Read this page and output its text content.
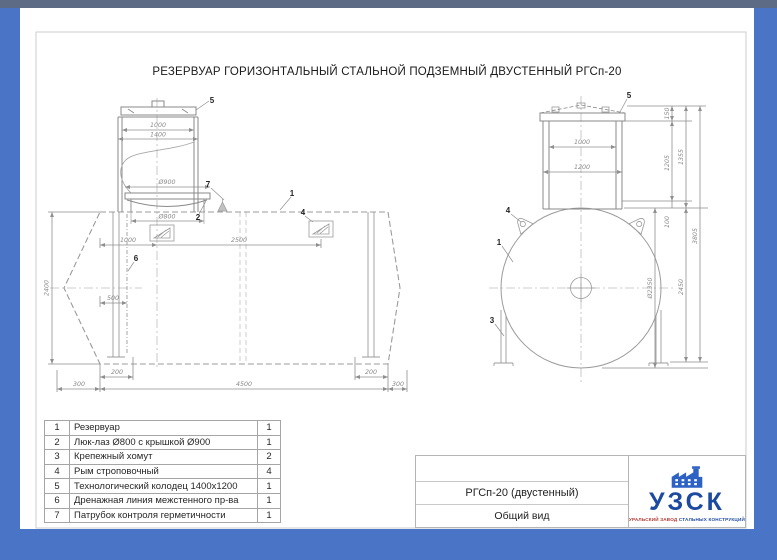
РЕЗЕРВУАР ГОРИЗОНТАЛЬНЫЙ СТАЛЬНОЙ ПОДЗЕМНЫЙ ДВУСТЕННЫЙ РГСп-20
1000
1400
Ø900
Ø800
1000	2500
500
2400
200	200
300	4500	300
5
7
2
1
4
6
1000
1200
150
1205
100
1355
Ø2350	2450
3805
5
4
1
3
1	Резервуар	1
2	Люк-лаз Ø800 с крышкой Ø900	1
3	Крепежный хомут	2
4	Рым строповочный	4
5	Технологический колодец 1400x1200	1
6	Дренажная линия межстенного пр-ва	1
7	Патрубок контроля герметичности	1
РГСп-20 (двустенный)
Общий вид	УЗСК
УРАЛЬСКИЙ ЗАВОД СТАЛЬНЫХ КОНСТРУКЦИЙ
